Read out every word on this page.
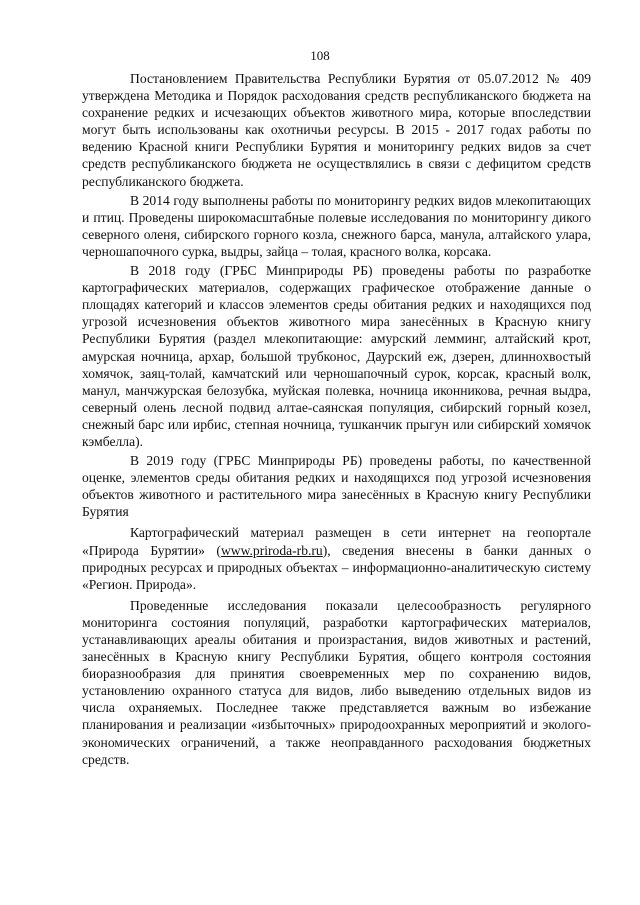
108

Постановлением Правительства Республики Бурятия от 05.07.2012 № 409 утверждена Методика и Порядок расходования средств республиканского бюджета на сохранение редких и исчезающих объектов животного мира, которые впоследствии могут быть использованы как охотничьи ресурсы. В 2015 - 2017 годах работы по ведению Красной книги Республики Бурятия и мониторингу редких видов за счет средств республиканского бюджета не осуществлялись в связи с дефицитом средств республиканского бюджета.

В 2014 году выполнены работы по мониторингу редких видов млекопитающих и птиц. Проведены широкомасштабные полевые исследования по мониторингу дикого северного оленя, сибирского горного козла, снежного барса, манула, алтайского улара, черношапочного сурка, выдры, зайца – толая, красного волка, корсака.

В 2018 году (ГРБС Минприроды РБ) проведены работы по разработке картографических материалов, содержащих графическое отображение данные о площадях категорий и классов элементов среды обитания редких и находящихся под угрозой исчезновения объектов животного мира занесённых в Красную книгу Республики Бурятия (раздел млекопитающие: амурский лемминг, алтайский крот, амурская ночница, архар, большой трубконос, Даурский еж, дзерен, длиннохвостый хомячок, заяц-толай, камчатский или черношапочный сурок, корсак, красный волк, манул, манчжурская белозубка, муйская полевка, ночница иконникова, речная выдра, северный олень лесной подвид алтае-саянская популяция, сибирский горный козел, снежный барс или ирбис, степная ночница, тушканчик прыгун или сибирский хомячок кэмбелла).

В 2019 году (ГРБС Минприроды РБ) проведены работы, по качественной оценке, элементов среды обитания редких и находящихся под угрозой исчезновения объектов животного и растительного мира занесённых в Красную книгу Республики Бурятия

Картографический материал размещен в сети интернет на геопортале «Природа Бурятии» (www.priroda-rb.ru), сведения внесены в банки данных о природных ресурсах и природных объектах – информационно-аналитическую систему «Регион. Природа».

Проведенные исследования показали целесообразность регулярного мониторинга состояния популяций, разработки картографических материалов, устанавливающих ареалы обитания и произрастания, видов животных и растений, занесённых в Красную книгу Республики Бурятия, общего контроля состояния биоразнообразия для принятия своевременных мер по сохранению видов, установлению охранного статуса для видов, либо выведению отдельных видов из числа охраняемых. Последнее также представляется важным во избежание планирования и реализации «избыточных» природоохранных мероприятий и эколого-экономических ограничений, а также неоправданного расходования бюджетных средств.
